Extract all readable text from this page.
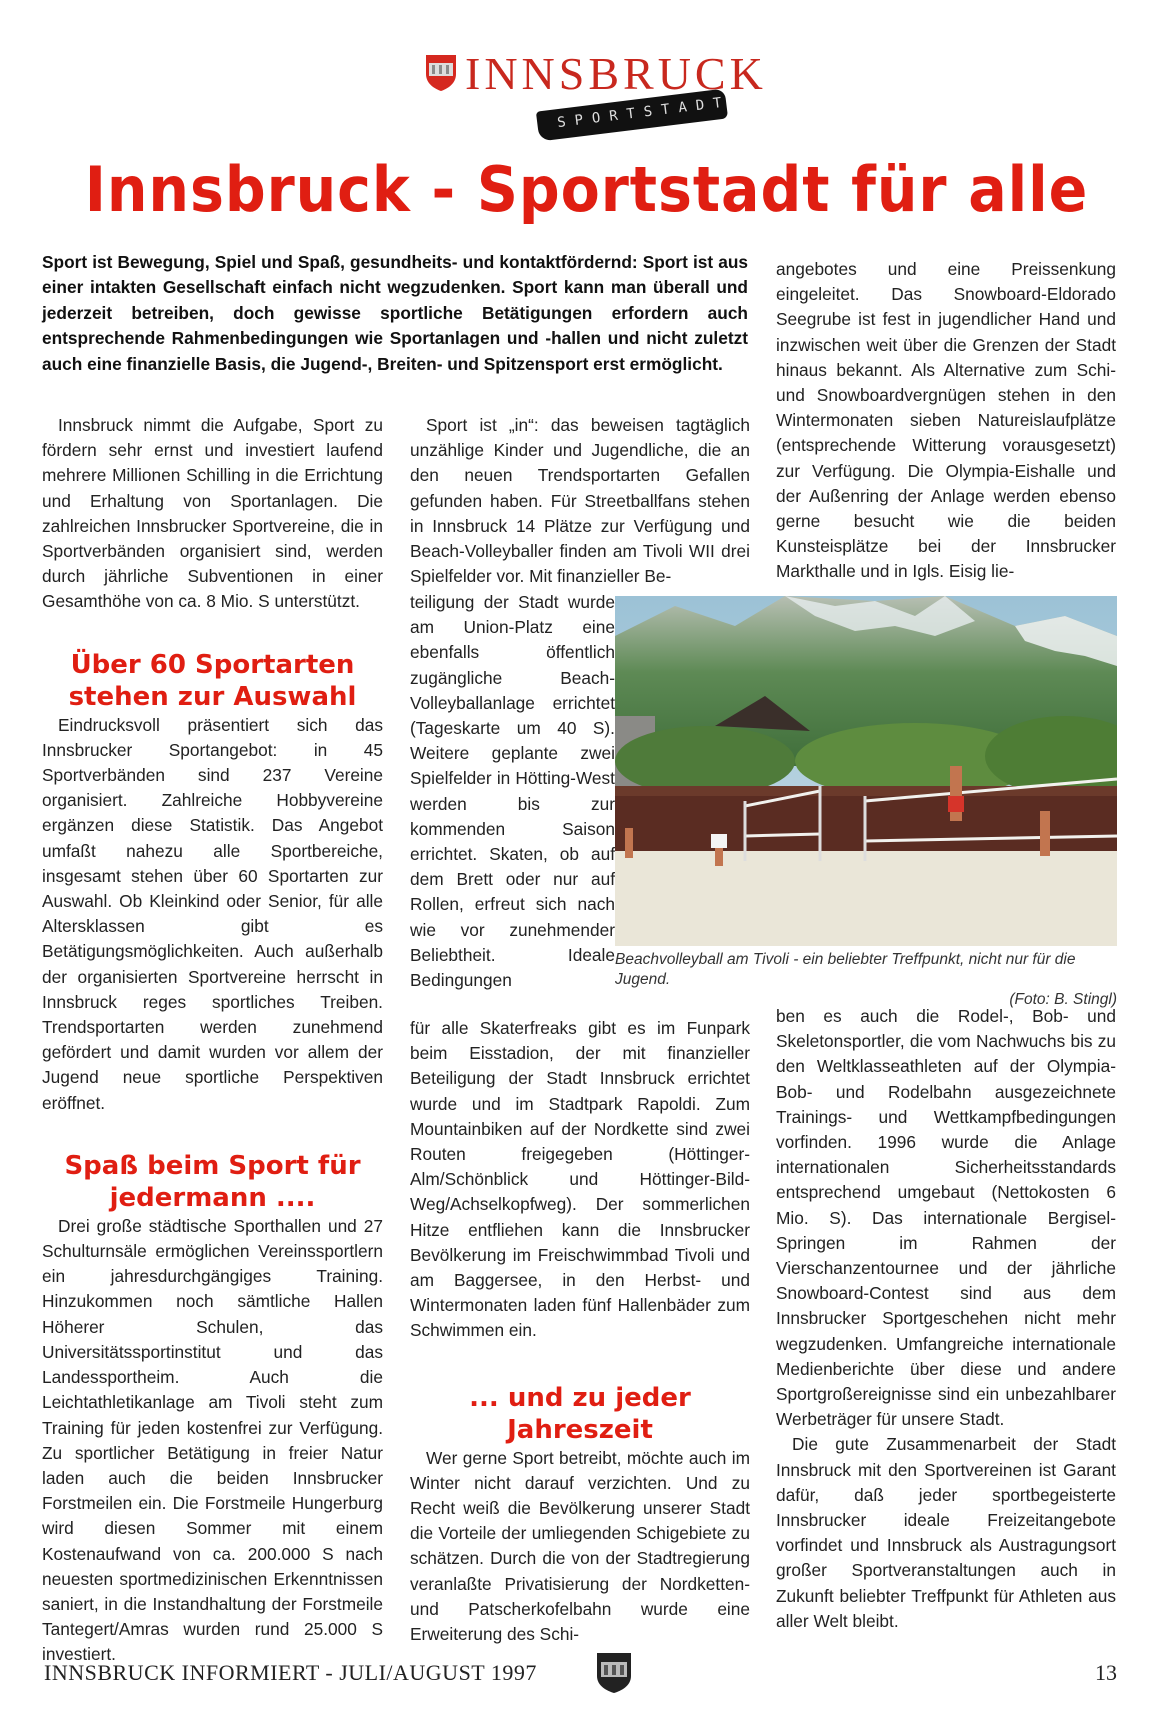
INNSBRUCK
SPORTSTADT
Innsbruck - Sportstadt für alle
Sport ist Bewegung, Spiel und Spaß, gesundheits- und kontaktfördernd: Sport ist aus einer intakten Gesellschaft einfach nicht wegzudenken. Sport kann man überall und jederzeit betreiben, doch gewisse sportliche Betätigungen erfordern auch entsprechende Rahmenbedingungen wie Sportanlagen und -hallen und nicht zuletzt auch eine finanzielle Basis, die Jugend-, Breiten- und Spitzensport erst ermöglicht.

Innsbruck nimmt die Aufgabe, Sport zu fördern sehr ernst und investiert laufend mehrere Millionen Schilling in die Errichtung und Erhaltung von Sportanlagen. Die zahlreichen Innsbrucker Sportvereine, die in Sportverbänden organisiert sind, werden durch jährliche Subventionen in einer Gesamthöhe von ca. 8 Mio. S unterstützt.

Über 60 Sportarten stehen zur Auswahl

Eindrucksvoll präsentiert sich das Innsbrucker Sportangebot: in 45 Sportverbänden sind 237 Vereine organisiert. Zahlreiche Hobbyvereine ergänzen diese Statistik. Das Angebot umfaßt nahezu alle Sportbereiche, insgesamt stehen über 60 Sportarten zur Auswahl. Ob Kleinkind oder Senior, für alle Altersklassen gibt es Betätigungsmöglichkeiten. Auch außerhalb der organisierten Sportvereine herrscht in Innsbruck reges sportliches Treiben. Trendsportarten werden zunehmend gefördert und damit wurden vor allem der Jugend neue sportliche Perspektiven eröffnet.

Spaß beim Sport für jedermann ....

Drei große städtische Sporthallen und 27 Schulturnsäle ermöglichen Vereinssportlern ein jahresdurchgängiges Training. Hinzukommen noch sämtliche Hallen Höherer Schulen, das Universitätssportinstitut und das Landessportheim. Auch die Leichtathletikanlage am Tivoli steht zum Training für jeden kostenfrei zur Verfügung. Zu sportlicher Betätigung in freier Natur laden auch die beiden Innsbrucker Forstmeilen ein. Die Forstmeile Hungerburg wird diesen Sommer mit einem Kostenaufwand von ca. 200.000 S nach neuesten sportmedizinischen Erkenntnissen saniert, in die Instandhaltung der Forstmeile Tantegert/Amras wurden rund 25.000 S investiert.

Sport ist „in“: das beweisen tagtäglich unzählige Kinder und Jugendliche, die an den neuen Trendsportarten Gefallen gefunden haben. Für Streetballfans stehen in Innsbruck 14 Plätze zur Verfügung und Beach-Volleyballer finden am Tivoli WII drei Spielfelder vor. Mit finanzieller Be-

teiligung der Stadt wurde am Union-Platz eine ebenfalls öffentlich zugängliche Beach-Volleyballanlage errichtet (Tageskarte um 40 S). Weitere geplante zwei Spielfelder in Hötting-West werden bis zur kommenden Saison errichtet. Skaten, ob auf dem Brett oder nur auf Rollen, erfreut sich nach wie vor zunehmender Beliebtheit. Ideale Bedingungen

für alle Skaterfreaks gibt es im Funpark beim Eisstadion, der mit finanzieller Beteiligung der Stadt Innsbruck errichtet wurde und im Stadtpark Rapoldi. Zum Mountainbiken auf der Nordkette sind zwei Routen freigegeben (Höttinger-Alm/Schönblick und Höttinger-Bild-Weg/Achselkopfweg). Der sommerlichen Hitze entfliehen kann die Innsbrucker Bevölkerung im Freischwimmbad Tivoli und am Baggersee, in den Herbst- und Wintermonaten laden fünf Hallenbäder zum Schwimmen ein.

... und zu jeder Jahreszeit

Wer gerne Sport betreibt, möchte auch im Winter nicht darauf verzichten. Und zu Recht weiß die Bevölkerung unserer Stadt die Vorteile der umliegenden Schigebiete zu schätzen. Durch die von der Stadtregierung veranlaßte Privatisierung der Nordketten- und Patscherkofelbahn wurde eine Erweiterung des Schi-

angebotes und eine Preissenkung eingeleitet. Das Snowboard-Eldorado Seegrube ist fest in jugendlicher Hand und inzwischen weit über die Grenzen der Stadt hinaus bekannt. Als Alternative zum Schi- und Snowboardvergnügen stehen in den Wintermonaten sieben Natureislaufplätze (entsprechende Witterung vorausgesetzt) zur Verfügung. Die Olympia-Eishalle und der Außenring der Anlage werden ebenso gerne besucht wie die beiden Kunsteisplätze bei der Innsbrucker Markthalle und in Igls. Eisig lie-

ben es auch die Rodel-, Bob- und Skeletonsportler, die vom Nachwuchs bis zu den Weltklasseathleten auf der Olympia-Bob- und Rodelbahn ausgezeichnete Trainings- und Wettkampfbedingungen vorfinden. 1996 wurde die Anlage internationalen Sicherheitsstandards entsprechend umgebaut (Nettokosten 6 Mio. S). Das internationale Bergisel-Springen im Rahmen der Vierschanzentournee und der jährliche Snowboard-Contest sind aus dem Innsbrucker Sportgeschehen nicht mehr wegzudenken. Umfangreiche internationale Medienberichte über diese und andere Sportgroßereignisse sind ein unbezahlbarer Werbeträger für unsere Stadt.

Die gute Zusammenarbeit der Stadt Innsbruck mit den Sportvereinen ist Garant dafür, daß jeder sportbegeisterte Innsbrucker ideale Freizeitangebote vorfindet und Innsbruck als Austragungsort großer Sportveranstaltungen auch in Zukunft beliebter Treffpunkt für Athleten aus aller Welt bleibt.

Beachvolleyball am Tivoli - ein beliebter Treffpunkt, nicht nur für die Jugend.
(Foto: B. Stingl)
INNSBRUCK INFORMIERT - JULI/AUGUST 1997	13
